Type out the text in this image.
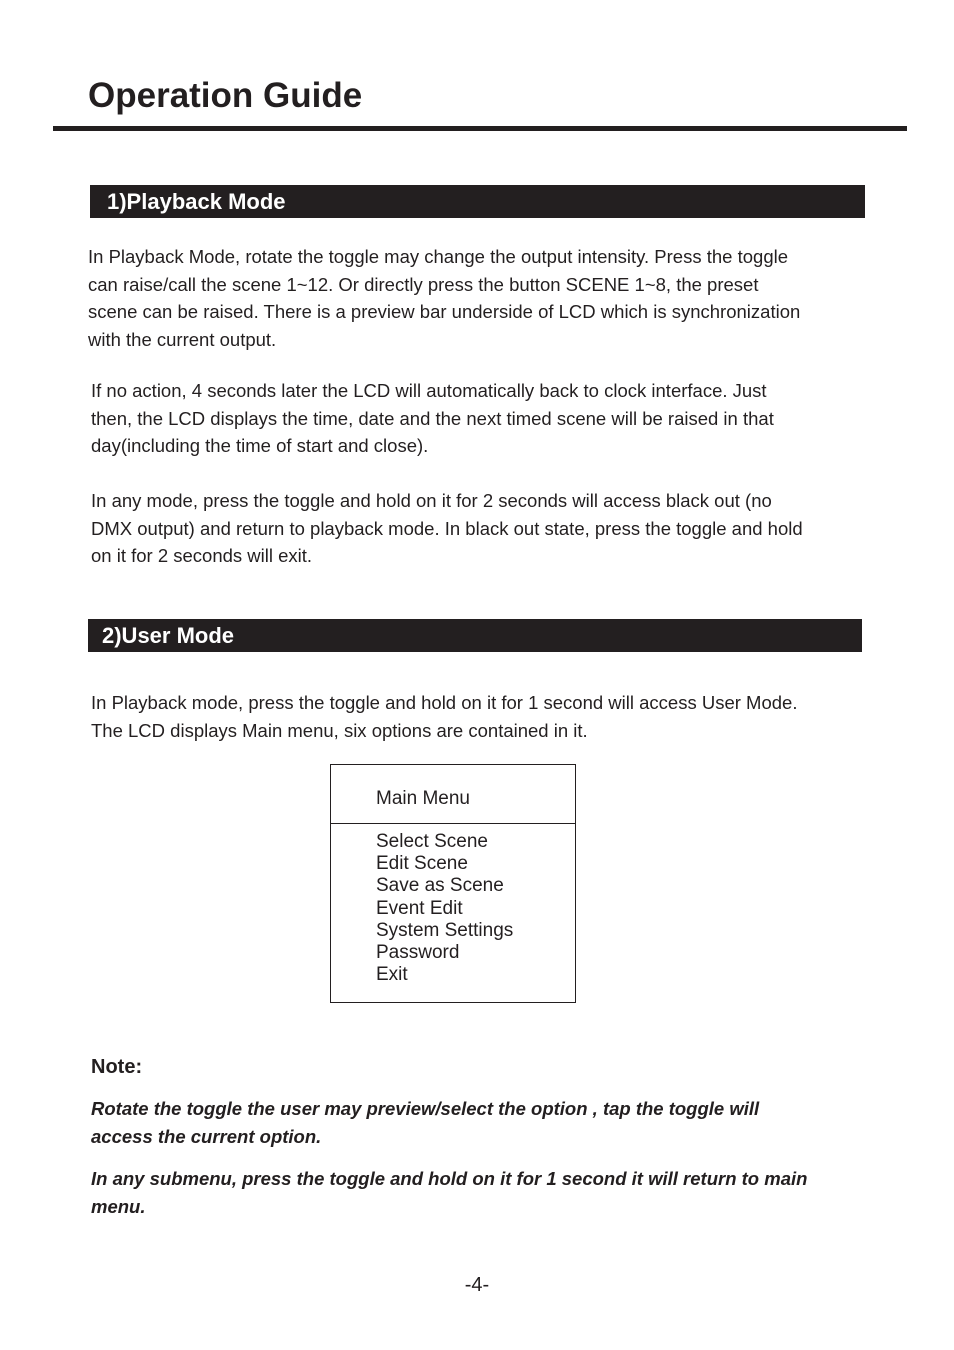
Operation Guide
1)Playback Mode

In Playback Mode, rotate the toggle may change the output intensity. Press the toggle
can raise/call the scene 1~12. Or directly press the button SCENE 1~8, the preset
scene can be raised. There is a preview bar underside of LCD which is synchronization
with the current output.

If no action, 4 seconds later the LCD will automatically back to clock interface. Just
then, the LCD displays the time, date and the next timed scene will be raised in that
day(including the time of start and close).

In any mode, press the toggle and hold on it for 2 seconds will access black out (no
DMX output) and return to playback mode. In black out state, press the toggle and hold
on it for 2 seconds will exit.

2)User Mode

In Playback mode, press the toggle and hold on it for 1 second will access User Mode.
The LCD displays Main menu, six options are contained in it.

Main Menu
Select Scene
Edit Scene
Save as Scene
Event Edit
System Settings
Password
Exit

Note:

Rotate the toggle the user may preview/select the option , tap the toggle will
access the current option.

In any submenu, press the toggle and hold on it for 1 second it will return to main
menu.

-4-
